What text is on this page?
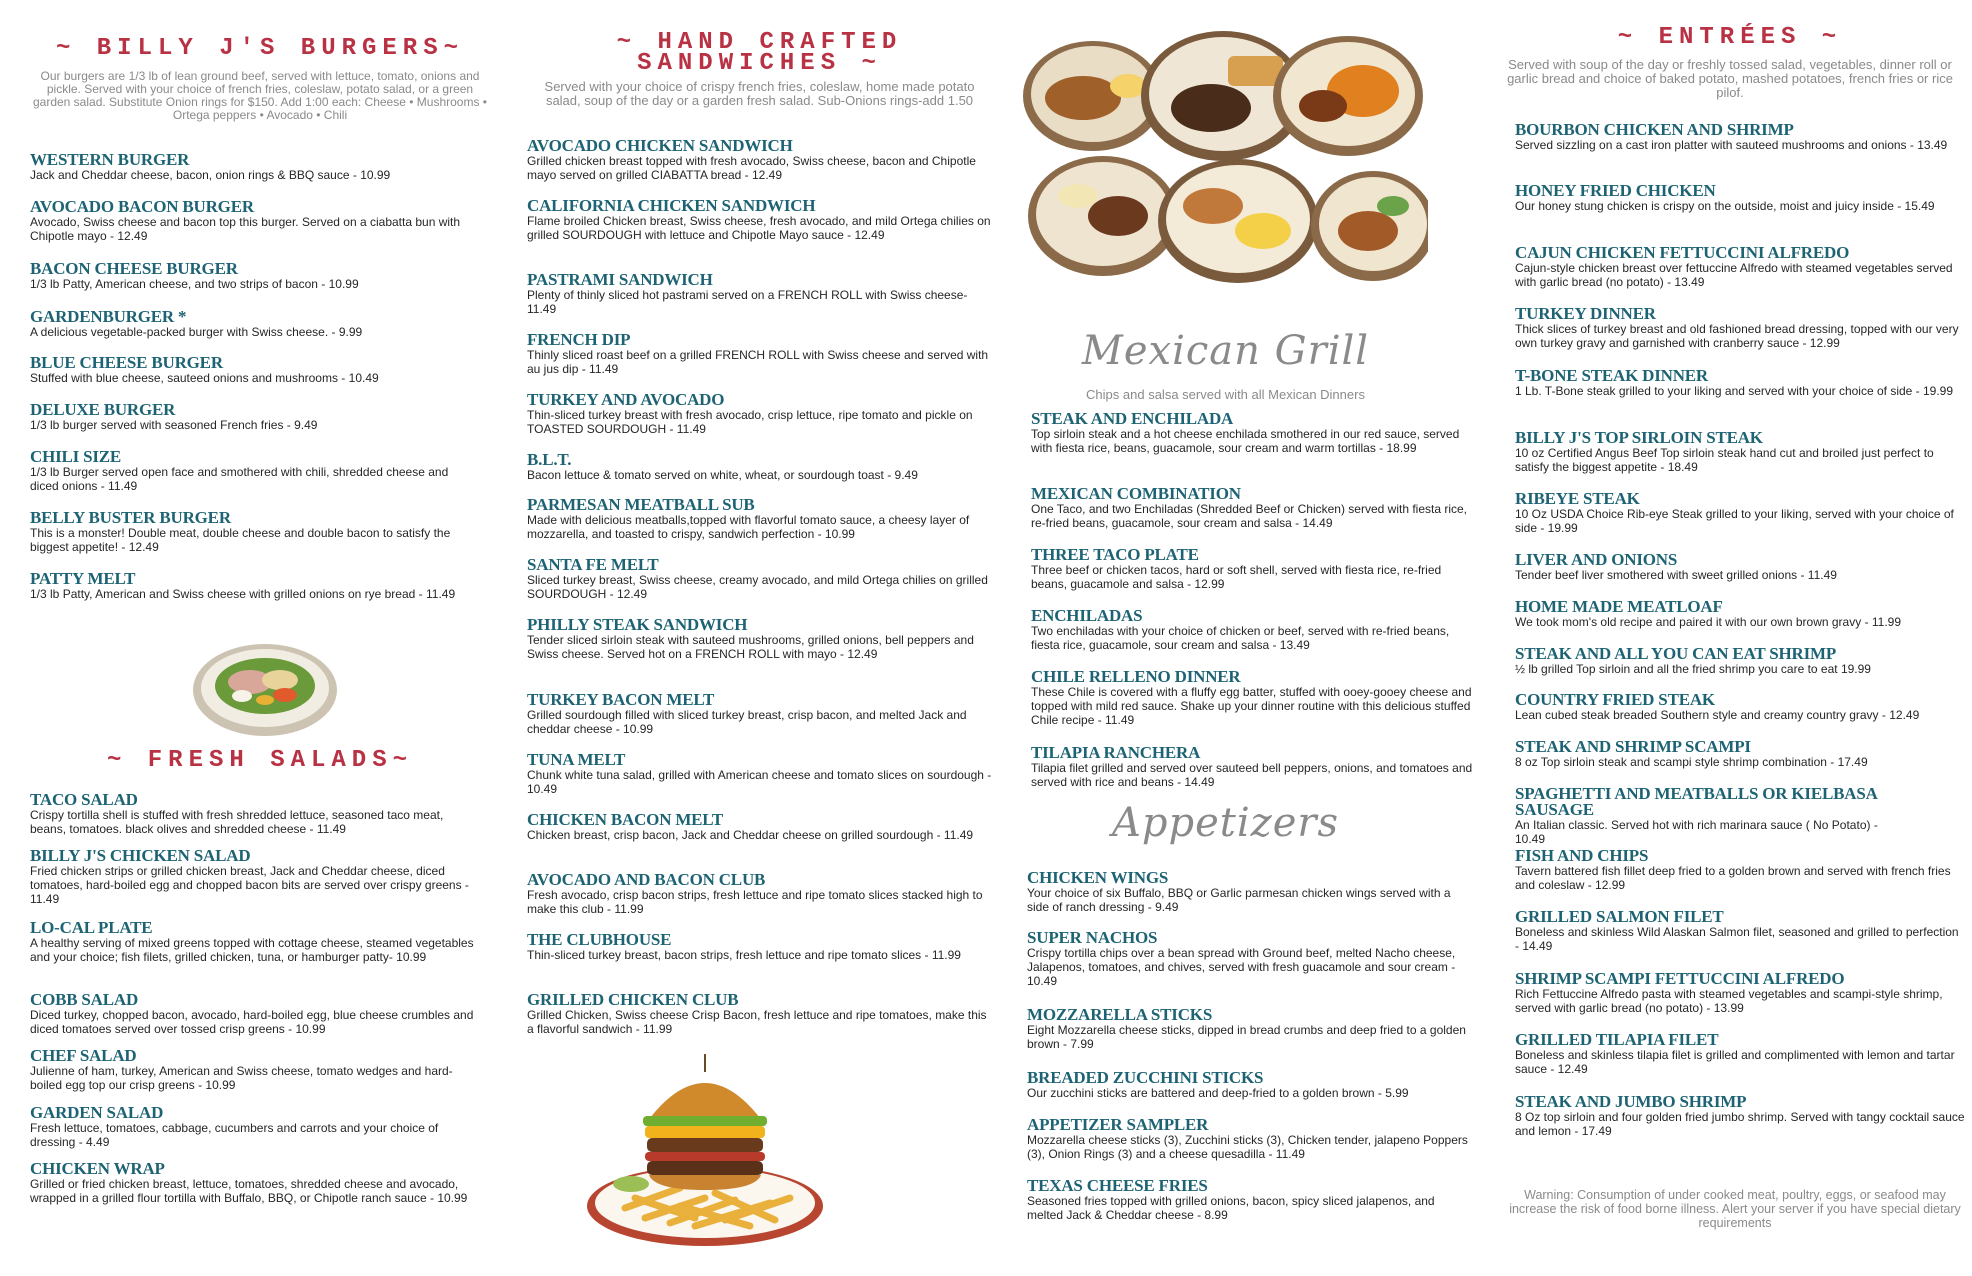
~ BILLY J'S BURGERS~

Our burgers are 1/3 lb of lean ground beef, served with lettuce, tomato, onions and pickle. Served with your choice of french fries, coleslaw, potato salad, or a green garden salad. Substitute Onion rings for $150. Add 1:00 each: Cheese • Mushrooms • Ortega peppers • Avocado • Chili

WESTERN BURGER
Jack and Cheddar cheese, bacon, onion rings & BBQ sauce - 10.99
AVOCADO BACON BURGER
Avocado, Swiss cheese and bacon top this burger. Served on a ciabatta bun with Chipotle mayo - 12.49
BACON CHEESE BURGER
1/3 lb Patty, American cheese, and two strips of bacon - 10.99
GARDENBURGER *
A delicious vegetable-packed burger with Swiss cheese. - 9.99
BLUE CHEESE BURGER
Stuffed with blue cheese, sauteed onions and mushrooms - 10.49
DELUXE BURGER
1/3 lb burger served with seasoned French fries - 9.49
CHILI SIZE
1/3 lb Burger served open face and smothered with chili, shredded cheese and diced onions - 11.49
BELLY BUSTER BURGER
This is a monster! Double meat, double cheese and double bacon to satisfy the biggest appetite! - 12.49
PATTY MELT
1/3 lb Patty, American and Swiss cheese with grilled onions on rye bread - 11.49
~ FRESH SALADS~
TACO SALAD
Crispy tortilla shell is stuffed with fresh shredded lettuce, seasoned taco meat, beans, tomatoes. black olives and shredded cheese - 11.49
BILLY J'S CHICKEN SALAD
Fried chicken strips or grilled chicken breast, Jack and Cheddar cheese, diced tomatoes, hard-boiled egg and chopped bacon bits are served over crispy greens - 11.49
LO-CAL PLATE
A healthy serving of mixed greens topped with cottage cheese, steamed vegetables and your choice; fish filets, grilled chicken, tuna, or hamburger patty- 10.99
COBB SALAD
Diced turkey, chopped bacon, avocado, hard-boiled egg, blue cheese crumbles and diced tomatoes served over tossed crisp greens - 10.99
CHEF SALAD
Julienne of ham, turkey, American and Swiss cheese, tomato wedges and hard-boiled egg top our crisp greens - 10.99
GARDEN SALAD
Fresh lettuce, tomatoes, cabbage, cucumbers and carrots and your choice of dressing - 4.49
CHICKEN WRAP
Grilled or fried chicken breast, lettuce, tomatoes, shredded cheese and avocado, wrapped in a grilled flour tortilla with Buffalo, BBQ, or Chipotle ranch sauce - 10.99
~ HAND CRAFTED
SANDWICHES ~

Served with your choice of crispy french fries, coleslaw, home made potato salad, soup of the day or a garden fresh salad. Sub-Onions rings-add 1.50

AVOCADO CHICKEN SANDWICH
Grilled chicken breast topped with fresh avocado, Swiss cheese, bacon and Chipotle mayo served on grilled CIABATTA bread - 12.49
CALIFORNIA CHICKEN SANDWICH
Flame broiled Chicken breast, Swiss cheese, fresh avocado, and mild Ortega chilies on grilled SOURDOUGH with lettuce and Chipotle Mayo sauce - 12.49
PASTRAMI SANDWICH
Plenty of thinly sliced hot pastrami served on a FRENCH ROLL with Swiss cheese- 11.49
FRENCH DIP
Thinly sliced roast beef on a grilled FRENCH ROLL with Swiss cheese and served with au jus dip - 11.49
TURKEY AND AVOCADO
Thin-sliced turkey breast with fresh avocado, crisp lettuce, ripe tomato and pickle on TOASTED SOURDOUGH - 11.49
B.L.T.
Bacon lettuce & tomato served on white, wheat, or sourdough toast - 9.49
PARMESAN MEATBALL SUB
Made with delicious meatballs,topped with flavorful tomato sauce, a cheesy layer of mozzarella, and toasted to crispy, sandwich perfection - 10.99
SANTA FE MELT
Sliced turkey breast, Swiss cheese, creamy avocado, and mild Ortega chilies on grilled SOURDOUGH - 12.49
PHILLY STEAK SANDWICH
Tender sliced sirloin steak with sauteed mushrooms, grilled onions, bell peppers and Swiss cheese. Served hot on a FRENCH ROLL with mayo - 12.49
TURKEY BACON MELT
Grilled sourdough filled with sliced turkey breast, crisp bacon, and melted Jack and cheddar cheese - 10.99
TUNA MELT
Chunk white tuna salad, grilled with American cheese and tomato slices on sourdough - 10.49
CHICKEN BACON MELT
Chicken breast, crisp bacon, Jack and Cheddar cheese on grilled sourdough - 11.49
AVOCADO AND BACON CLUB
Fresh avocado, crisp bacon strips, fresh lettuce and ripe tomato slices stacked high to make this club - 11.99
THE CLUBHOUSE
Thin-sliced turkey breast, bacon strips, fresh lettuce and ripe tomato slices - 11.99
GRILLED CHICKEN CLUB
Grilled Chicken, Swiss cheese Crisp Bacon, fresh lettuce and ripe tomatoes, make this a flavorful sandwich - 11.99
Mexican Grill
Chips and salsa served with all Mexican Dinners
STEAK AND ENCHILADA
Top sirloin steak and a hot cheese enchilada smothered in our red sauce, served with fiesta rice, beans, guacamole, sour cream and warm tortillas - 18.99
MEXICAN COMBINATION
One Taco, and two Enchiladas (Shredded Beef or Chicken) served with fiesta rice, re-fried beans, guacamole, sour cream and salsa - 14.49
THREE TACO PLATE
Three beef or chicken tacos, hard or soft shell, served with fiesta rice, re-fried beans, guacamole and salsa - 12.99
ENCHILADAS
Two enchiladas with your choice of chicken or beef, served with re-fried beans, fiesta rice, guacamole, sour cream and salsa - 13.49
CHILE RELLENO DINNER
These Chile is covered with a fluffy egg batter, stuffed with ooey-gooey cheese and topped with mild red sauce. Shake up your dinner routine with this delicious stuffed Chile recipe - 11.49
TILAPIA RANCHERA
Tilapia filet grilled and served over sauteed bell peppers, onions, and tomatoes and served with rice and beans - 14.49
Appetizers
CHICKEN WINGS
Your choice of six Buffalo, BBQ or Garlic parmesan chicken wings served with a side of ranch dressing - 9.49
SUPER NACHOS
Crispy tortilla chips over a bean spread with Ground beef, melted Nacho cheese, Jalapenos, tomatoes, and chives, served with fresh guacamole and sour cream - 10.49
MOZZARELLA STICKS
Eight Mozzarella cheese sticks, dipped in bread crumbs and deep fried to a golden brown - 7.99
BREADED ZUCCHINI STICKS
Our zucchini sticks are battered and deep-fried to a golden brown - 5.99
APPETIZER SAMPLER
Mozzarella cheese sticks (3), Zucchini sticks (3), Chicken tender, jalapeno Poppers (3), Onion Rings (3) and a cheese quesadilla - 11.49
TEXAS CHEESE FRIES
Seasoned fries topped with grilled onions, bacon, spicy sliced jalapenos, and melted Jack & Cheddar cheese - 8.99
~ ENTRÉES ~

Served with soup of the day or freshly tossed salad, vegetables, dinner roll or garlic bread and choice of baked potato, mashed potatoes, french fries or rice pilof.

BOURBON CHICKEN AND SHRIMP
Served sizzling on a cast iron platter with sauteed mushrooms and onions - 13.49
HONEY FRIED CHICKEN
Our honey stung chicken is crispy on the outside, moist and juicy inside - 15.49
CAJUN CHICKEN FETTUCCINI ALFREDO
Cajun-style chicken breast over fettuccine Alfredo with steamed vegetables served with garlic bread (no potato) - 13.49
TURKEY DINNER
Thick slices of turkey breast and old fashioned bread dressing, topped with our very own turkey gravy and garnished with cranberry sauce - 12.99
T-BONE STEAK DINNER
1 Lb. T-Bone steak grilled to your liking and served with your choice of side - 19.99
BILLY J'S TOP SIRLOIN STEAK
10 oz Certified Angus Beef Top sirloin steak hand cut and broiled just perfect to satisfy the biggest appetite - 18.49
RIBEYE STEAK
10 Oz USDA Choice Rib-eye Steak grilled to your liking, served with your choice of side - 19.99
LIVER AND ONIONS
Tender beef liver smothered with sweet grilled onions - 11.49
HOME MADE MEATLOAF
We took mom's old recipe and paired it with our own brown gravy - 11.99
STEAK AND ALL YOU CAN EAT SHRIMP
½ lb grilled Top sirloin and all the fried shrimp you care to eat 19.99
COUNTRY FRIED STEAK
Lean cubed steak breaded Southern style and creamy country gravy - 12.49
STEAK AND SHRIMP SCAMPI
8 oz Top sirloin steak and scampi style shrimp combination - 17.49
SPAGHETTI AND MEATBALLS OR KIELBASA SAUSAGE
An Italian classic. Served hot with rich marinara sauce ( No Potato) - 10.49
FISH AND CHIPS
Tavern battered fish fillet deep fried to a golden brown and served with french fries and coleslaw - 12.99
GRILLED SALMON FILET
Boneless and skinless Wild Alaskan Salmon filet, seasoned and grilled to perfection - 14.49
SHRIMP SCAMPI FETTUCCINI ALFREDO
Rich Fettuccine Alfredo pasta with steamed vegetables and scampi-style shrimp, served with garlic bread (no potato) - 13.99
GRILLED TILAPIA FILET
Boneless and skinless tilapia filet is grilled and complimented with lemon and tartar sauce - 12.49
STEAK AND JUMBO SHRIMP
8 Oz top sirloin and four golden fried jumbo shrimp. Served with tangy cocktail sauce and lemon - 17.49

Warning: Consumption of under cooked meat, poultry, eggs, or seafood may increase the risk of food borne illness. Alert your server if you have special dietary requirements
